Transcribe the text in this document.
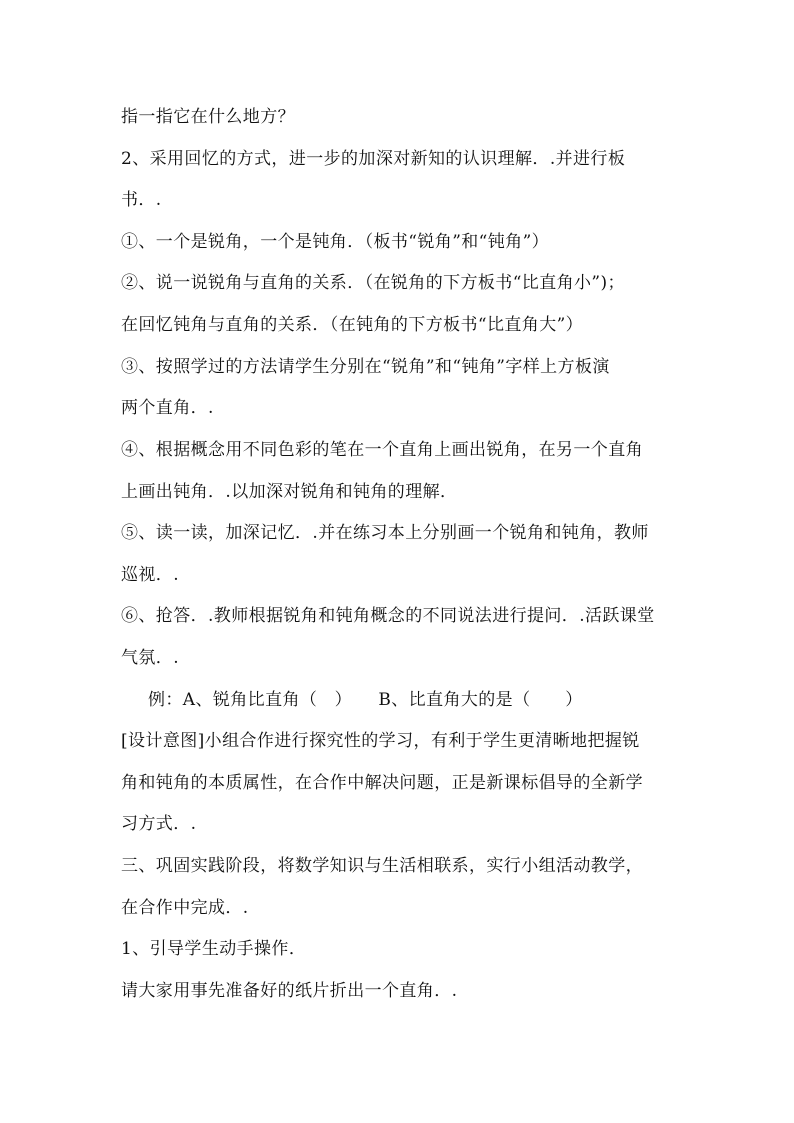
指一指它在什么地方？
2、采用回忆的方式，进一步的加深对新知的认识理解．.并进行板
书．.
①、一个是锐角，一个是钝角．（板书“锐角”和“钝角”）
②、说一说锐角与直角的关系．（在锐角的下方板书“比直角小”)；
在回忆钝角与直角的关系．（在钝角的下方板书“比直角大”）
③、按照学过的方法请学生分别在“锐角”和“钝角”字样上方板演
两个直角．.
④、根据概念用不同色彩的笔在一个直角上画出锐角，在另一个直角
上画出钝角．.以加深对锐角和钝角的理解．
⑤、读一读，加深记忆．.并在练习本上分别画一个锐角和钝角，教师
巡视．.
⑥、抢答．.教师根据锐角和钝角概念的不同说法进行提问．.活跃课堂
气氛．.
例：A、锐角比直角（　）　　B、比直角大的是（　　）
[设计意图]小组合作进行探究性的学习，有利于学生更清晰地把握锐
角和钝角的本质属性，在合作中解决问题，正是新课标倡导的全新学
习方式．.
三、巩固实践阶段，将数学知识与生活相联系，实行小组活动教学，
在合作中完成．.
1、引导学生动手操作．
请大家用事先准备好的纸片折出一个直角．.
